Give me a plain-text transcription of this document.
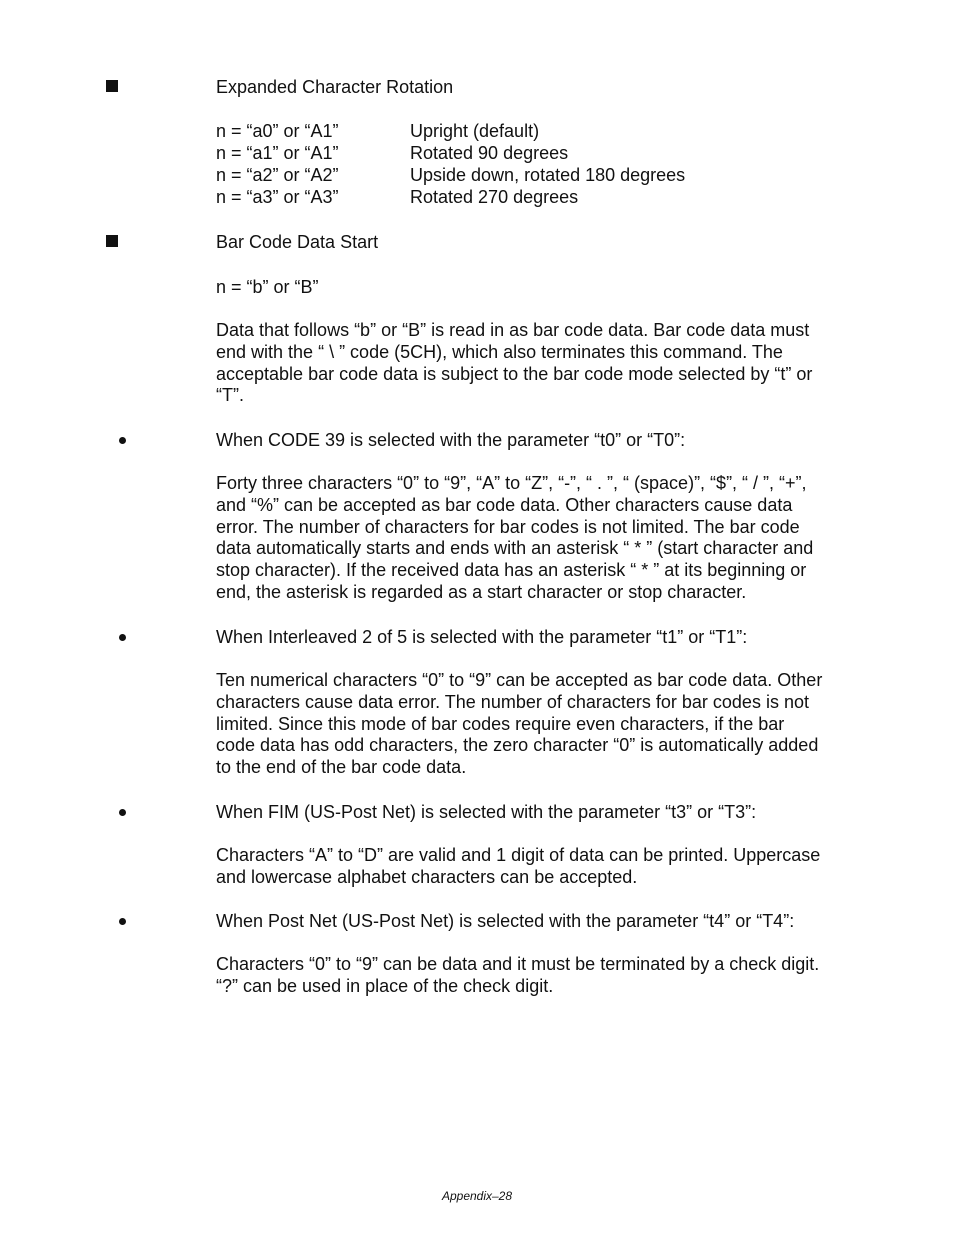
Expanded Character Rotation
n = “a0” or “A1”	Upright (default)
n = “a1” or “A1”	Rotated 90 degrees
n = “a2” or “A2”	Upside down, rotated 180 degrees
n = “a3” or “A3”	Rotated 270 degrees
Bar Code Data Start
n = “b” or “B”
Data that follows “b” or “B” is read in as bar code data. Bar code data must
end with the “ \ ” code (5CH), which also terminates this command. The
acceptable bar code data is subject to the bar code mode selected by “t” or
“T”.
When CODE 39 is selected with the parameter “t0” or “T0”:
Forty three characters “0” to “9”, “A” to “Z”, “-”, “ . ”, “ (space)”, “$”, “ / ”, “+”,
and “%” can be accepted as bar code data. Other characters cause data
error. The number of characters for bar codes is not limited. The bar code
data automatically starts and ends with an asterisk “ * ” (start character and
stop character). If the received data has an asterisk “ * ” at its beginning or
end, the asterisk is regarded as a start character or stop character.
When Interleaved 2 of 5 is selected with the parameter “t1” or “T1”:
Ten numerical characters “0” to “9” can be accepted as bar code data. Other
characters cause data error. The number of characters for bar codes is not
limited. Since this mode of bar codes require even characters, if the bar
code data has odd characters, the zero character “0” is automatically added
to the end of the bar code data.
When FIM (US-Post Net) is selected with the parameter “t3” or “T3”:
Characters “A” to “D” are valid and 1 digit of data can be printed. Uppercase
and lowercase alphabet characters can be accepted.
When Post Net (US-Post Net) is selected with the parameter “t4” or “T4”:
Characters “0” to “9” can be data and it must be terminated by a check digit.
“?” can be used in place of the check digit.
Appendix–28
